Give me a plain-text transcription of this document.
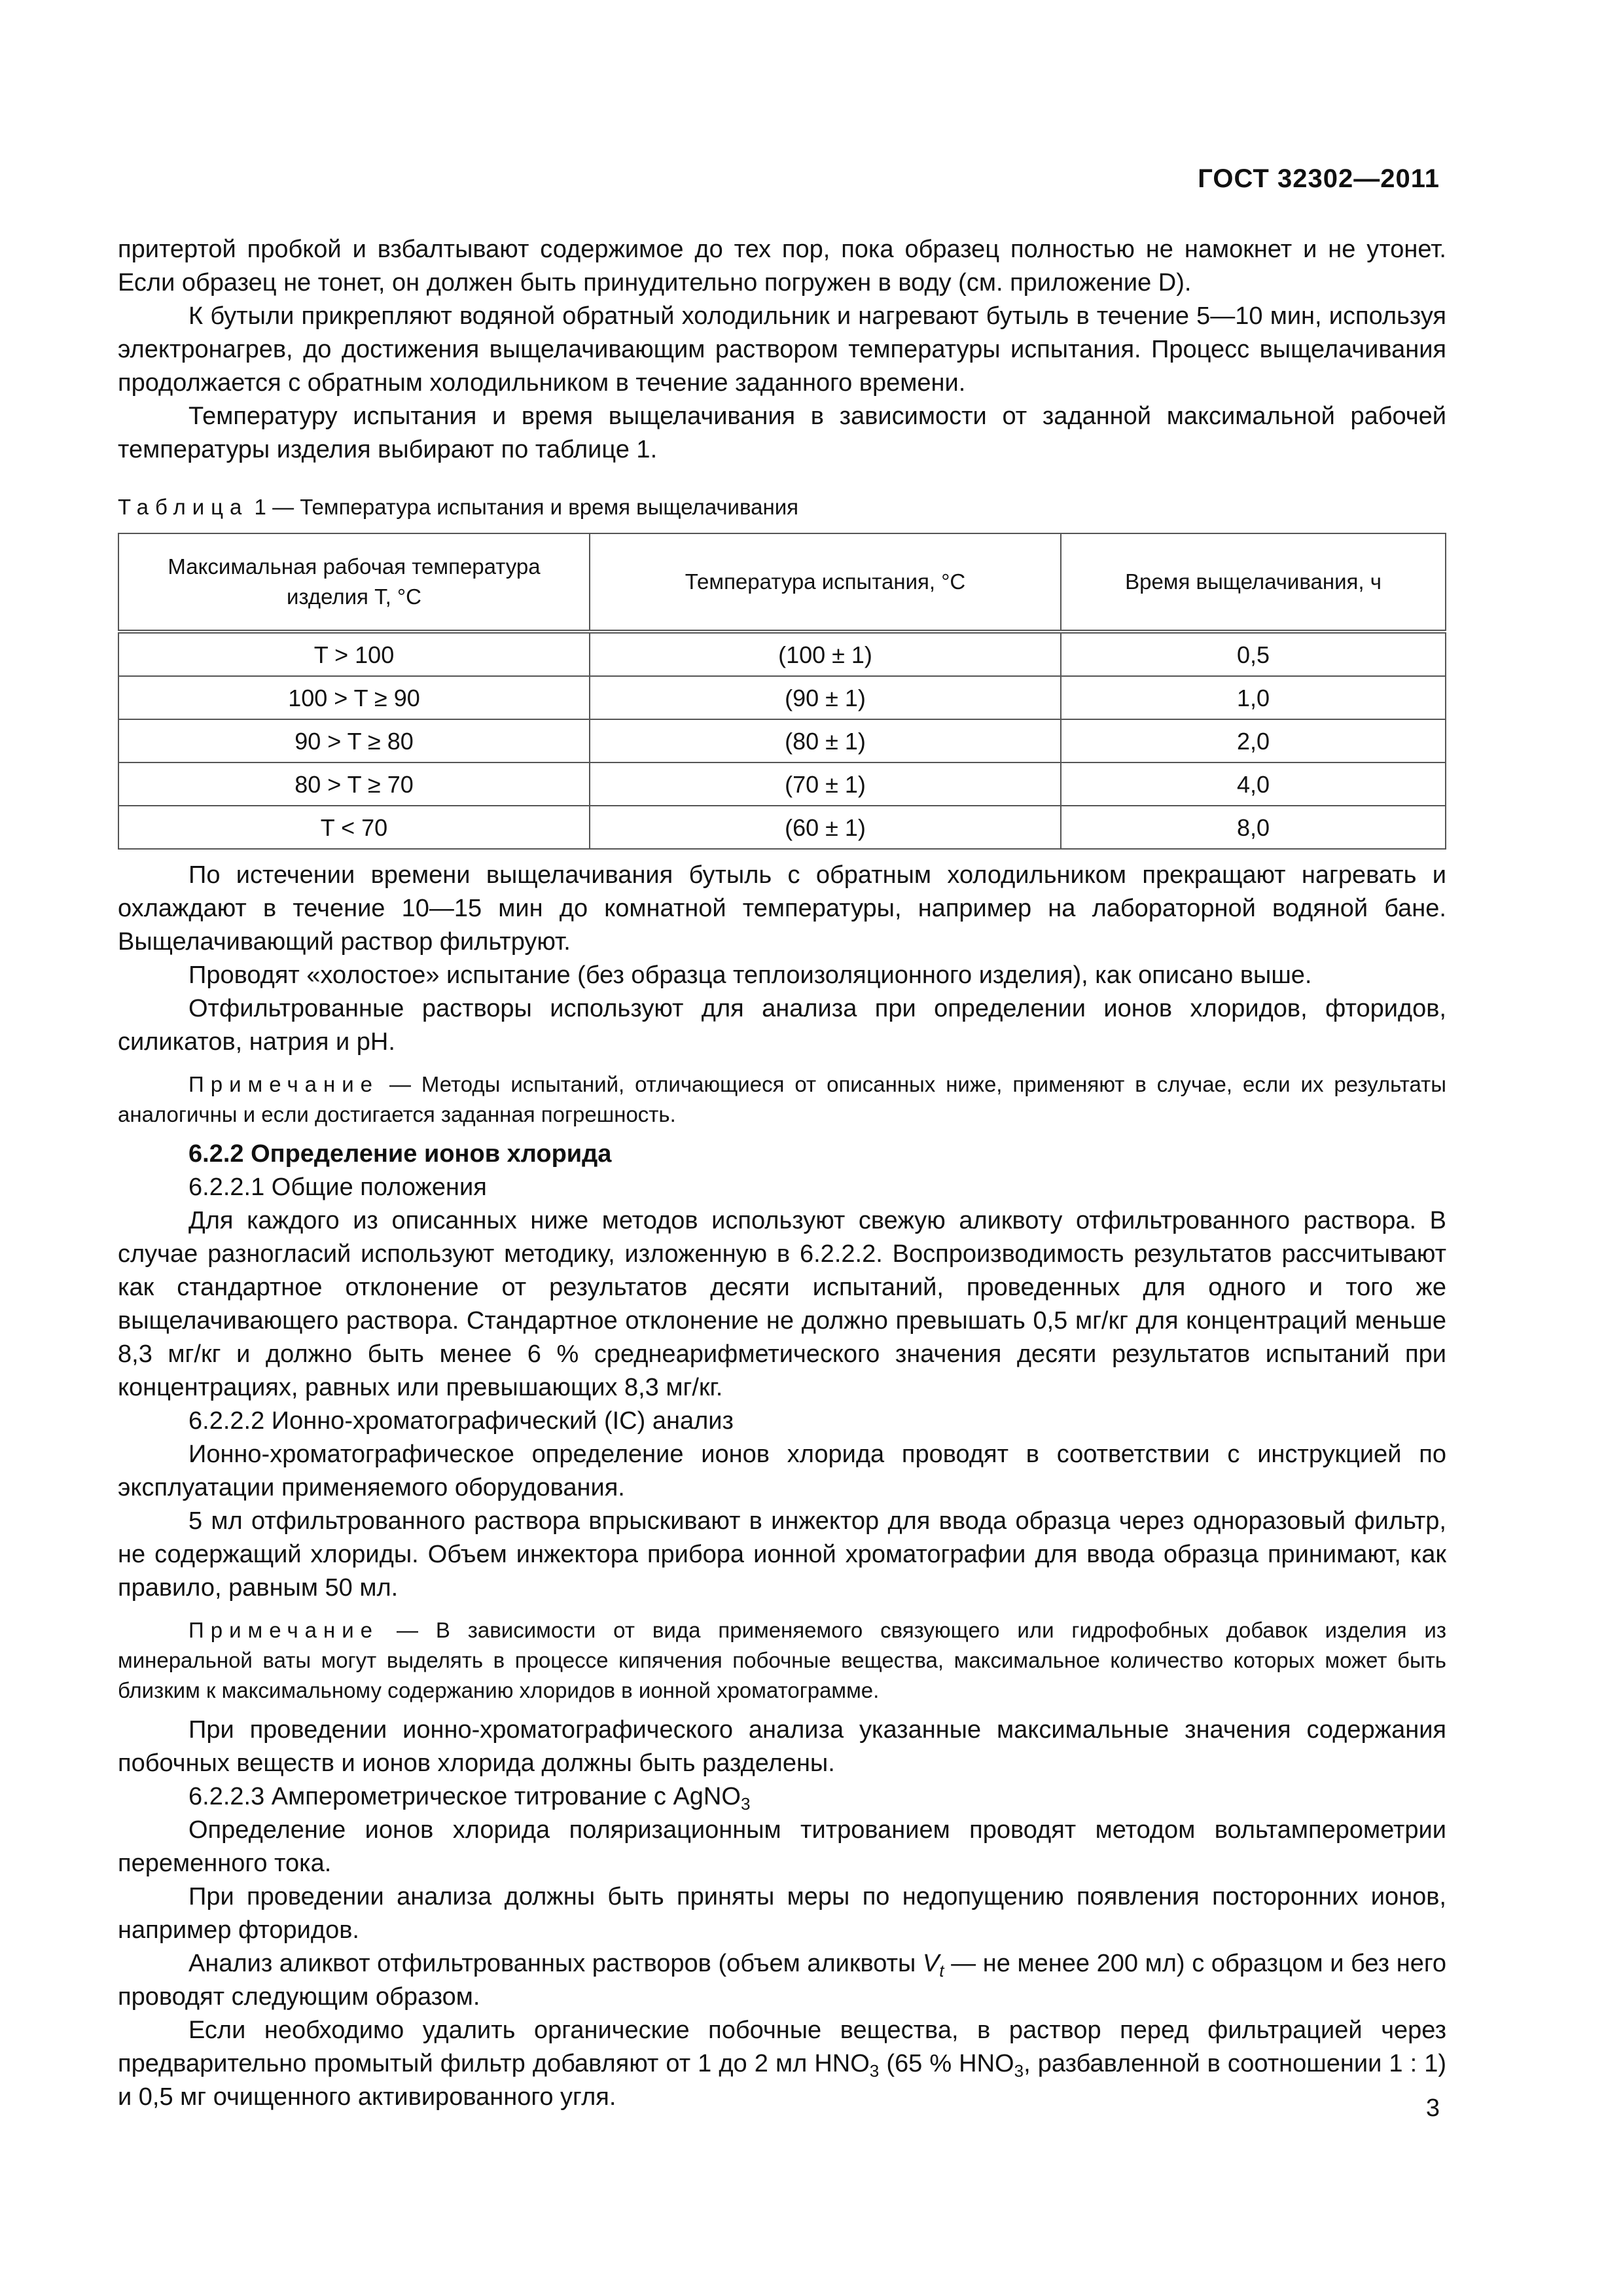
ГОСТ 32302—2011

притертой пробкой и взбалтывают содержимое до тех пор, пока образец полностью не намокнет и не утонет. Если образец не тонет, он должен быть принудительно погружен в воду (см. приложение D).

К бутыли прикрепляют водяной обратный холодильник и нагревают бутыль в течение 5—10 мин, используя электронагрев, до достижения выщелачивающим раствором температуры испытания. Процесс выщелачивания продолжается с обратным холодильником в течение заданного времени.

Температуру испытания и время выщелачивания в зависимости от заданной максимальной рабочей температуры изделия выбирают по таблице 1.

Таблица 1 — Температура испытания и время выщелачивания
Максимальная рабочая температура изделия T, °С	Температура испытания, °С	Время выщелачивания, ч
T > 100	(100 ± 1)	0,5
100 > T ≥ 90	(90 ± 1)	1,0
90 > T ≥ 80	(80 ± 1)	2,0
80 > T ≥ 70	(70 ± 1)	4,0
T < 70	(60 ± 1)	8,0

По истечении времени выщелачивания бутыль с обратным холодильником прекращают нагревать и охлаждают в течение 10—15 мин до комнатной температуры, например на лабораторной водяной бане. Выщелачивающий раствор фильтруют.

Проводят «холостое» испытание (без образца теплоизоляционного изделия), как описано выше.

Отфильтрованные растворы используют для анализа при определении ионов хлоридов, фторидов, силикатов, натрия и pH.

Примечание — Методы испытаний, отличающиеся от описанных ниже, применяют в случае, если их результаты аналогичны и если достигается заданная погрешность.

6.2.2 Определение ионов хлорида

6.2.2.1 Общие положения

Для каждого из описанных ниже методов используют свежую аликвоту отфильтрованного раствора. В случае разногласий используют методику, изложенную в 6.2.2.2. Воспроизводимость результатов рассчитывают как стандартное отклонение от результатов десяти испытаний, проведенных для одного и того же выщелачивающего раствора. Стандартное отклонение не должно превышать 0,5 мг/кг для концентраций меньше 8,3 мг/кг и должно быть менее 6 % среднеарифметического значения десяти результатов испытаний при концентрациях, равных или превышающих 8,3 мг/кг.

6.2.2.2 Ионно-хроматографический (IC) анализ

Ионно-хроматографическое определение ионов хлорида проводят в соответствии с инструкцией по эксплуатации применяемого оборудования.

5 мл отфильтрованного раствора впрыскивают в инжектор для ввода образца через одноразовый фильтр, не содержащий хлориды. Объем инжектора прибора ионной хроматографии для ввода образца принимают, как правило, равным 50 мл.

Примечание — В зависимости от вида применяемого связующего или гидрофобных добавок изделия из минеральной ваты могут выделять в процессе кипячения побочные вещества, максимальное количество которых может быть близким к максимальному содержанию хлоридов в ионной хроматограмме.

При проведении ионно-хроматографического анализа указанные максимальные значения содержания побочных веществ и ионов хлорида должны быть разделены.

6.2.2.3 Амперометрическое титрование с AgNO$_3$

Определение ионов хлорида поляризационным титрованием проводят методом вольтамперометрии переменного тока.

При проведении анализа должны быть приняты меры по недопущению появления посторонних ионов, например фторидов.

Анализ аликвот отфильтрованных растворов (объем аликвоты $V_t$ — не менее 200 мл) с образцом и без него проводят следующим образом.

Если необходимо удалить органические побочные вещества, в раствор перед фильтрацией через предварительно промытый фильтр добавляют от 1 до 2 мл $HNO_3$ (65 % $HNO_3$, разбавленной в соотношении 1 : 1) и 0,5 мг очищенного активированного угля.	3
